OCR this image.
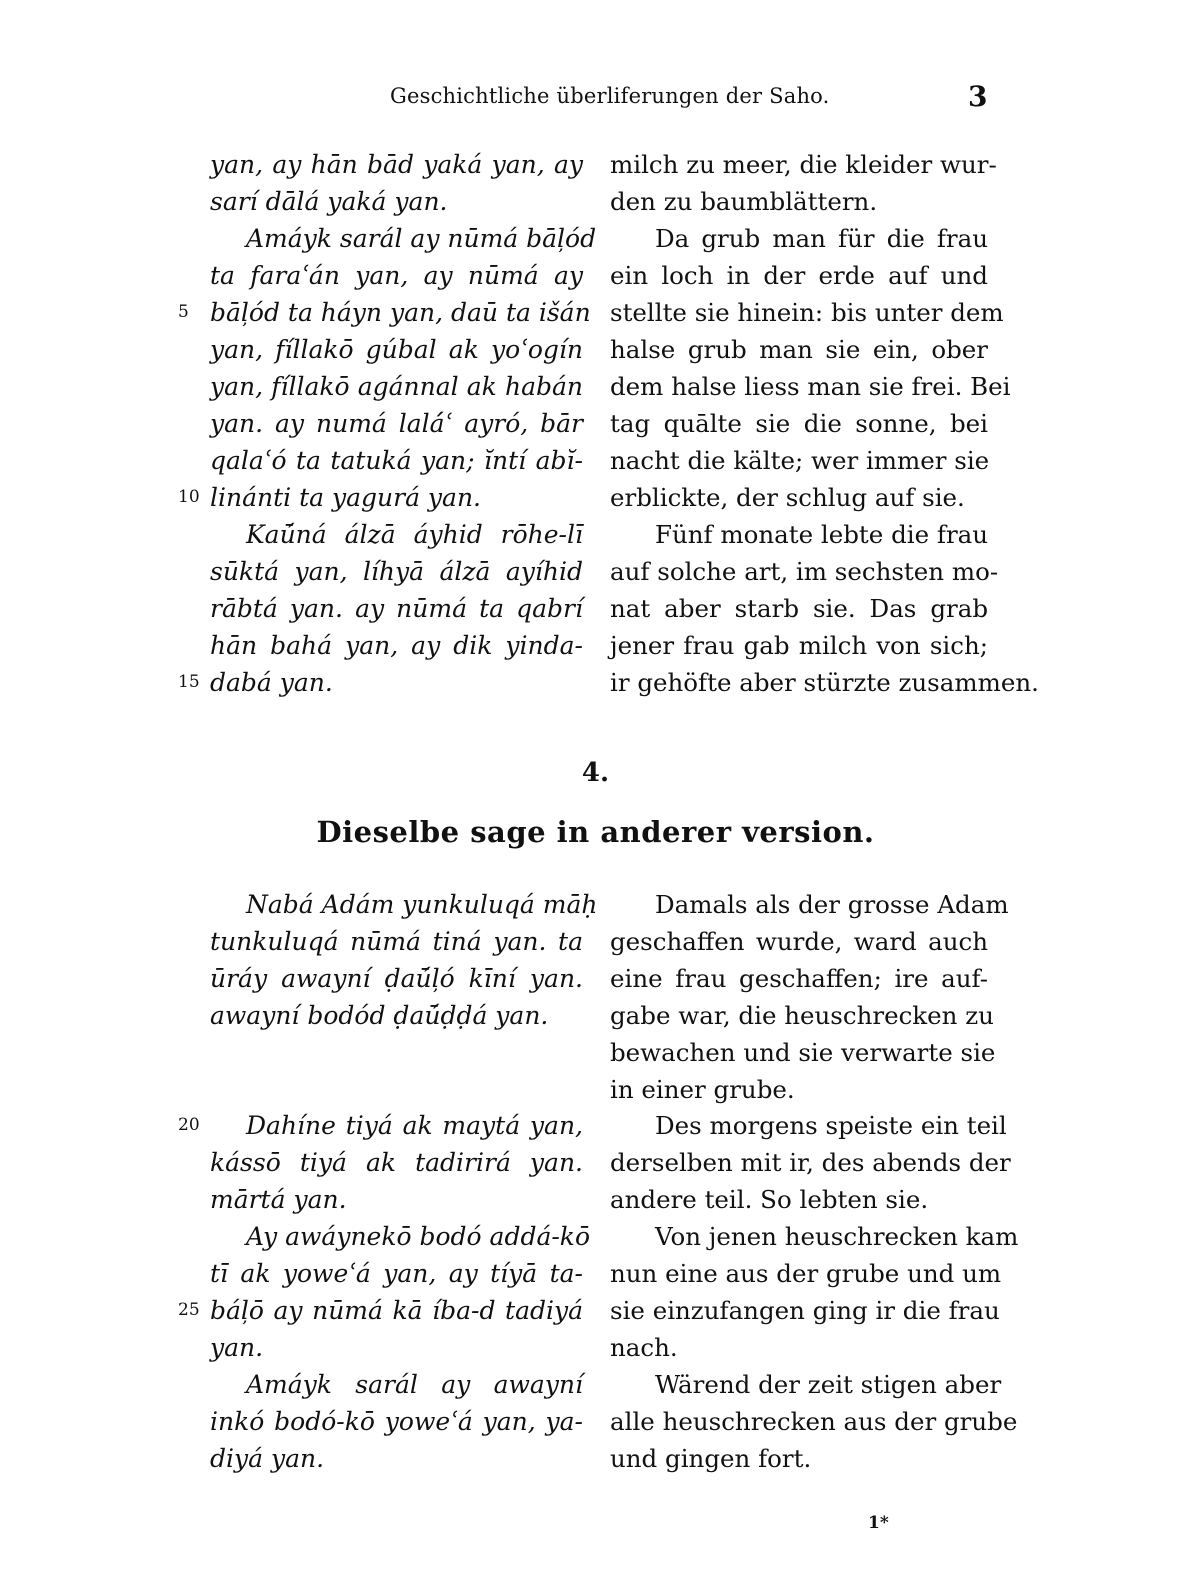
Geschichtliche überliferungen der Saho.	3
yan, ay hān bād yaká yan, ay
sarí dālá yaká yan.
Amáyk sarál ay nūmá bāļód
ta faraʿán yan, ay nūmá ay
bāļód ta háyn yan, daū ta išán
yan, fíllakō gúbal ak yoʿogín
yan, fíllakō agánnal ak habán
yan. ay numá lalá́ʿ ayró, bār
qalaʿó ta tatuká yan; ĭntí abĭ-
linánti ta yagurá yan.
Kaū́ná álzā áyhid rōhe-lī
sūktá yan, líhyā álzā ayíhid
rābtá yan. ay nūmá ta qabrí
hān bahá yan, ay dik yinda-
dabá yan.
5
10
15
milch zu meer, die kleider wur-
den zu baumblättern.
Da grub man für die frau
ein loch in der erde auf und
stellte sie hinein: bis unter dem
halse grub man sie ein, ober
dem halse liess man sie frei. Bei
tag quālte sie die sonne, bei
nacht die kälte; wer immer sie
erblickte, der schlug auf sie.
Fünf monate lebte die frau
auf solche art, im sechsten mo-
nat aber starb sie. Das grab
jener frau gab milch von sich;
ir gehöfte aber stürzte zusammen.
4.
Dieselbe sage in anderer version.
Nabá Adám yunkuluqá māḥ
tunkuluqá nūmá tiná yan. ta
ūráy awayní ḍaū́ļó kīní yan.
awayní bodód ḍaū́ḍḍá yan.
Damals als der grosse Adam
geschaffen wurde, ward auch
eine frau geschaffen; ire auf-
gabe war, die heuschrecken zu
bewachen und sie verwarte sie
in einer grube.
20
25
Dahíne tiyá ak maytá yan,
kássō tiyá ak tadirirá yan.
mārtá yan.
Ay awáynekō bodó addá-kō
tī ak yoweʿá yan, ay tíyā ta-
báļō ay nūmá kā íba-d tadiyá
yan.
Amáyk sarál ay awayní
inkó bodó-kō yoweʿá yan, ya-
diyá yan.
Des morgens speiste ein teil
derselben mit ir, des abends der
andere teil. So lebten sie.
Von jenen heuschrecken kam
nun eine aus der grube und um
sie einzufangen ging ir die frau
nach.
Wärend der zeit stigen aber
alle heuschrecken aus der grube
und gingen fort.
1*
